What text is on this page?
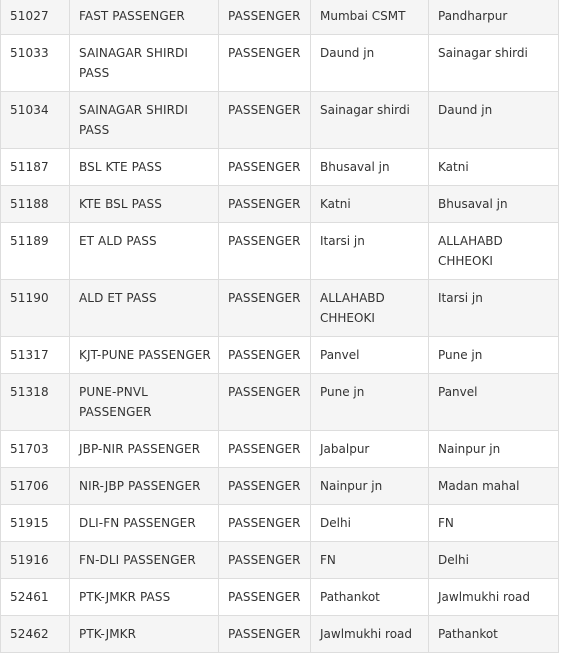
51027	FAST PASSENGER	PASSENGER	Mumbai CSMT	Pandharpur
51033	SAINAGAR SHIRDI PASS	PASSENGER	Daund jn	Sainagar shirdi
51034	SAINAGAR SHIRDI PASS	PASSENGER	Sainagar shirdi	Daund jn
51187	BSL KTE PASS	PASSENGER	Bhusaval jn	Katni
51188	KTE BSL PASS	PASSENGER	Katni	Bhusaval jn
51189	ET ALD PASS	PASSENGER	Itarsi jn	ALLAHABD CHHEOKI
51190	ALD ET PASS	PASSENGER	ALLAHABD CHHEOKI	Itarsi jn
51317	KJT-PUNE PASSENGER	PASSENGER	Panvel	Pune jn
51318	PUNE-PNVL PASSENGER	PASSENGER	Pune jn	Panvel
51703	JBP-NIR PASSENGER	PASSENGER	Jabalpur	Nainpur jn
51706	NIR-JBP PASSENGER	PASSENGER	Nainpur jn	Madan mahal
51915	DLI-FN PASSENGER	PASSENGER	Delhi	FN
51916	FN-DLI PASSENGER	PASSENGER	FN	Delhi
52461	PTK-JMKR PASS	PASSENGER	Pathankot	Jawlmukhi road
52462	PTK-JMKR	PASSENGER	Jawlmukhi road	Pathankot
